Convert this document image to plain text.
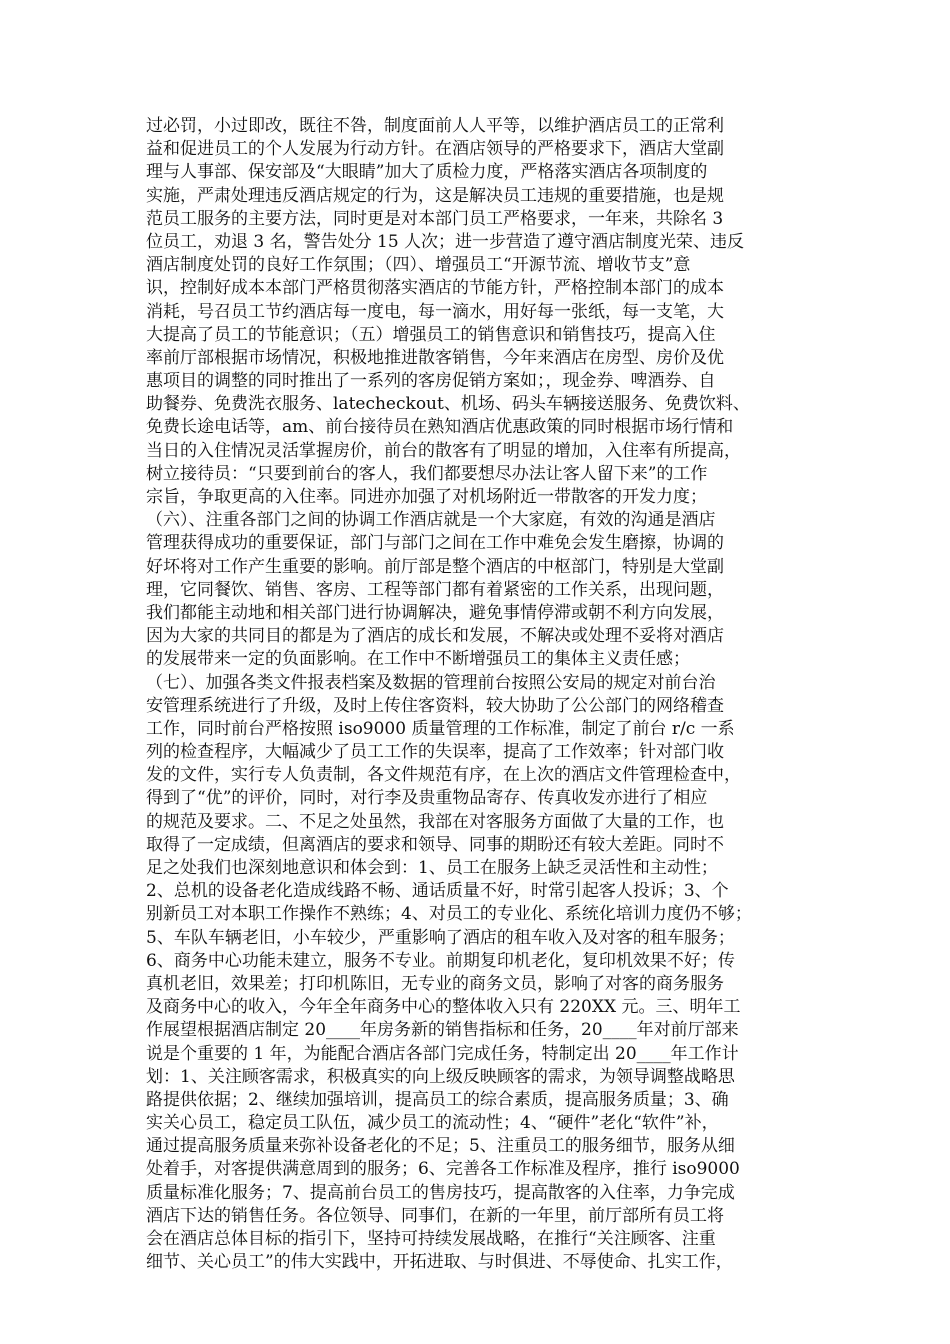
过必罚，小过即改，既往不咎，制度面前人人平等，以维护酒店员工的正常利
益和促进员工的个人发展为行动方针。在酒店领导的严格要求下，酒店大堂副
理与人事部、保安部及“大眼睛”加大了质检力度，严格落实酒店各项制度的
实施，严肃处理违反酒店规定的行为，这是解决员工违规的重要措施，也是规
范员工服务的主要方法，同时更是对本部门员工严格要求，一年来，共除名 3
位员工，劝退 3 名，警告处分 15 人次；进一步营造了遵守酒店制度光荣、违反
酒店制度处罚的良好工作氛围；（四）、增强员工“开源节流、增收节支”意
识，控制好成本本部门严格贯彻落实酒店的节能方针，严格控制本部门的成本
消耗，号召员工节约酒店每一度电，每一滴水，用好每一张纸，每一支笔，大
大提高了员工的节能意识；（五）增强员工的销售意识和销售技巧，提高入住
率前厅部根据市场情况，积极地推进散客销售，今年来酒店在房型、房价及优
惠项目的调整的同时推出了一系列的客房促销方案如；，现金券、啤酒券、自
助餐券、免费洗衣服务、latecheckout、机场、码头车辆接送服务、免费饮料、
免费长途电话等，am、前台接待员在熟知酒店优惠政策的同时根据市场行情和
当日的入住情况灵活掌握房价，前台的散客有了明显的增加，入住率有所提高，
树立接待员：“只要到前台的客人，我们都要想尽办法让客人留下来”的工作
宗旨，争取更高的入住率。同进亦加强了对机场附近一带散客的开发力度；
（六）、注重各部门之间的协调工作酒店就是一个大家庭，有效的沟通是酒店
管理获得成功的重要保证，部门与部门之间在工作中难免会发生磨擦，协调的
好坏将对工作产生重要的影响。前厅部是整个酒店的中枢部门，特别是大堂副
理，它同餐饮、销售、客房、工程等部门都有着紧密的工作关系，出现问题，
我们都能主动地和相关部门进行协调解决，避免事情停滞或朝不利方向发展，
因为大家的共同目的都是为了酒店的成长和发展，不解决或处理不妥将对酒店
的发展带来一定的负面影响。在工作中不断增强员工的集体主义责任感；
（七）、加强各类文件报表档案及数据的管理前台按照公安局的规定对前台治
安管理系统进行了升级，及时上传住客资料，较大协助了公公部门的网络稽查
工作，同时前台严格按照 iso9000 质量管理的工作标准，制定了前台 r/c 一系
列的检查程序，大幅减少了员工工作的失误率，提高了工作效率；针对部门收
发的文件，实行专人负责制，各文件规范有序，在上次的酒店文件管理检查中，
得到了“优”的评价，同时，对行李及贵重物品寄存、传真收发亦进行了相应
的规范及要求。二、不足之处虽然，我部在对客服务方面做了大量的工作，也
取得了一定成绩，但离酒店的要求和领导、同事的期盼还有较大差距。同时不
足之处我们也深刻地意识和体会到：1、员工在服务上缺乏灵活性和主动性；
2、总机的设备老化造成线路不畅、通话质量不好，时常引起客人投诉；3、个
别新员工对本职工作操作不熟练；4、对员工的专业化、系统化培训力度仍不够；
5、车队车辆老旧，小车较少，严重影响了酒店的租车收入及对客的租车服务；
6、商务中心功能未建立，服务不专业。前期复印机老化，复印机效果不好；传
真机老旧，效果差；打印机陈旧，无专业的商务文员，影响了对客的商务服务
及商务中心的收入，今年全年商务中心的整体收入只有 220XX 元。三、明年工
作展望根据酒店制定 20____年房务新的销售指标和任务，20____年对前厅部来
说是个重要的 1 年，为能配合酒店各部门完成任务，特制定出 20____年工作计
划：1、关注顾客需求，积极真实的向上级反映顾客的需求，为领导调整战略思
路提供依据；2、继续加强培训，提高员工的综合素质，提高服务质量；3、确
实关心员工，稳定员工队伍，减少员工的流动性；4、“硬件”老化“软件”补，
通过提高服务质量来弥补设备老化的不足；5、注重员工的服务细节，服务从细
处着手，对客提供满意周到的服务；6、完善各工作标准及程序，推行 iso9000
质量标准化服务；7、提高前台员工的售房技巧，提高散客的入住率，力争完成
酒店下达的销售任务。各位领导、同事们，在新的一年里，前厅部所有员工将
会在酒店总体目标的指引下，坚持可持续发展战略，在推行“关注顾客、注重
细节、关心员工”的伟大实践中，开拓进取、与时俱进、不辱使命、扎实工作，
